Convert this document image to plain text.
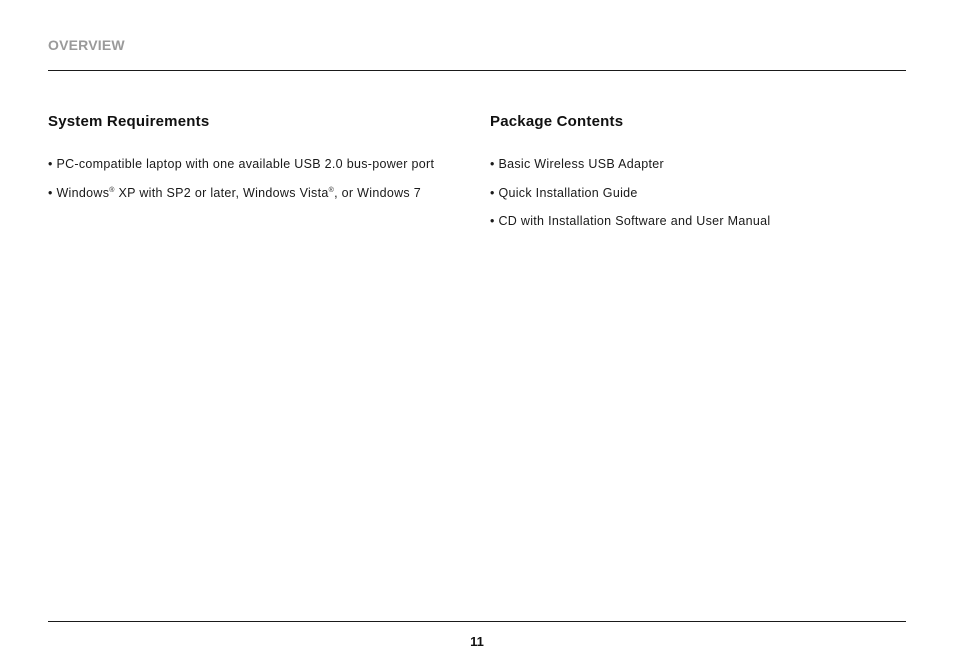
OVERVIEW
System Requirements
• PC-compatible laptop with one available USB 2.0 bus-power port
• Windows® XP with SP2 or later, Windows Vista®, or Windows 7
Package Contents
• Basic Wireless USB Adapter
• Quick Installation Guide
• CD with Installation Software and User Manual
11
